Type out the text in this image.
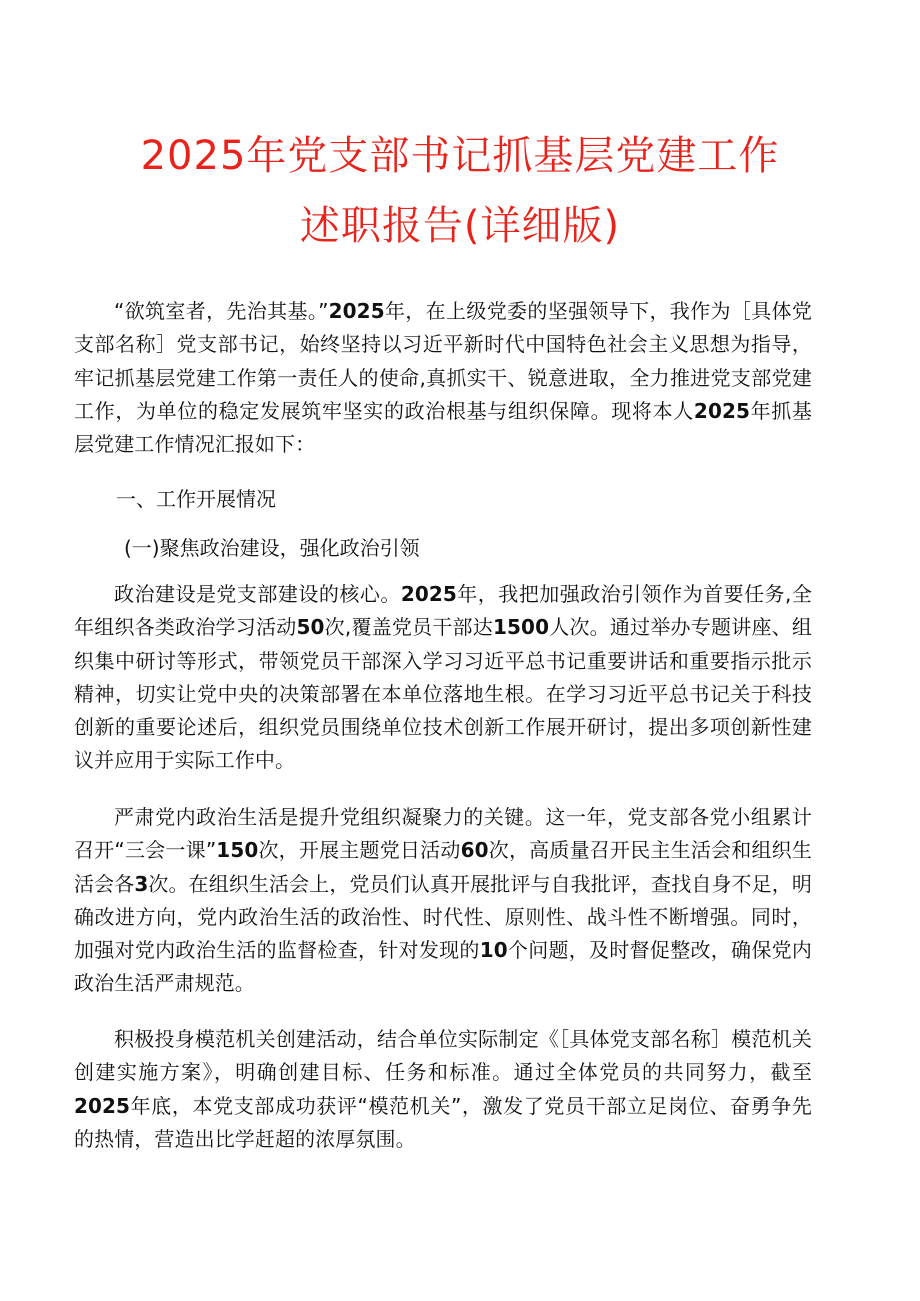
2025年党支部书记抓基层党建工作
述职报告(详细版)

“欲筑室者，先治其基。”2025年，在上级党委的坚强领导下，我作为［具体党支部名称］党支部书记，始终坚持以习近平新时代中国特色社会主义思想为指导，牢记抓基层党建工作第一责任人的使命,真抓实干、锐意进取，全力推进党支部党建工作，为单位的稳定发展筑牢坚实的政治根基与组织保障。现将本人2025年抓基层党建工作情况汇报如下：

一、工作开展情况
(一)聚焦政治建设，强化政治引领

政治建设是党支部建设的核心。2025年，我把加强政治引领作为首要任务,全年组织各类政治学习活动50次,覆盖党员干部达1500人次。通过举办专题讲座、组织集中研讨等形式，带领党员干部深入学习习近平总书记重要讲话和重要指示批示精神，切实让党中央的决策部署在本单位落地生根。在学习习近平总书记关于科技创新的重要论述后，组织党员围绕单位技术创新工作展开研讨，提出多项创新性建议并应用于实际工作中。

严肃党内政治生活是提升党组织凝聚力的关键。这一年，党支部各党小组累计召开“三会一课”150次，开展主题党日活动60次，高质量召开民主生活会和组织生活会各3次。在组织生活会上，党员们认真开展批评与自我批评，查找自身不足，明确改进方向，党内政治生活的政治性、时代性、原则性、战斗性不断增强。同时，加强对党内政治生活的监督检查，针对发现的10个问题，及时督促整改，确保党内政治生活严肃规范。

积极投身模范机关创建活动，结合单位实际制定《［具体党支部名称］模范机关创建实施方案》，明确创建目标、任务和标准。通过全体党员的共同努力，截至2025年底，本党支部成功获评“模范机关”，激发了党员干部立足岗位、奋勇争先的热情，营造出比学赶超的浓厚氛围。
